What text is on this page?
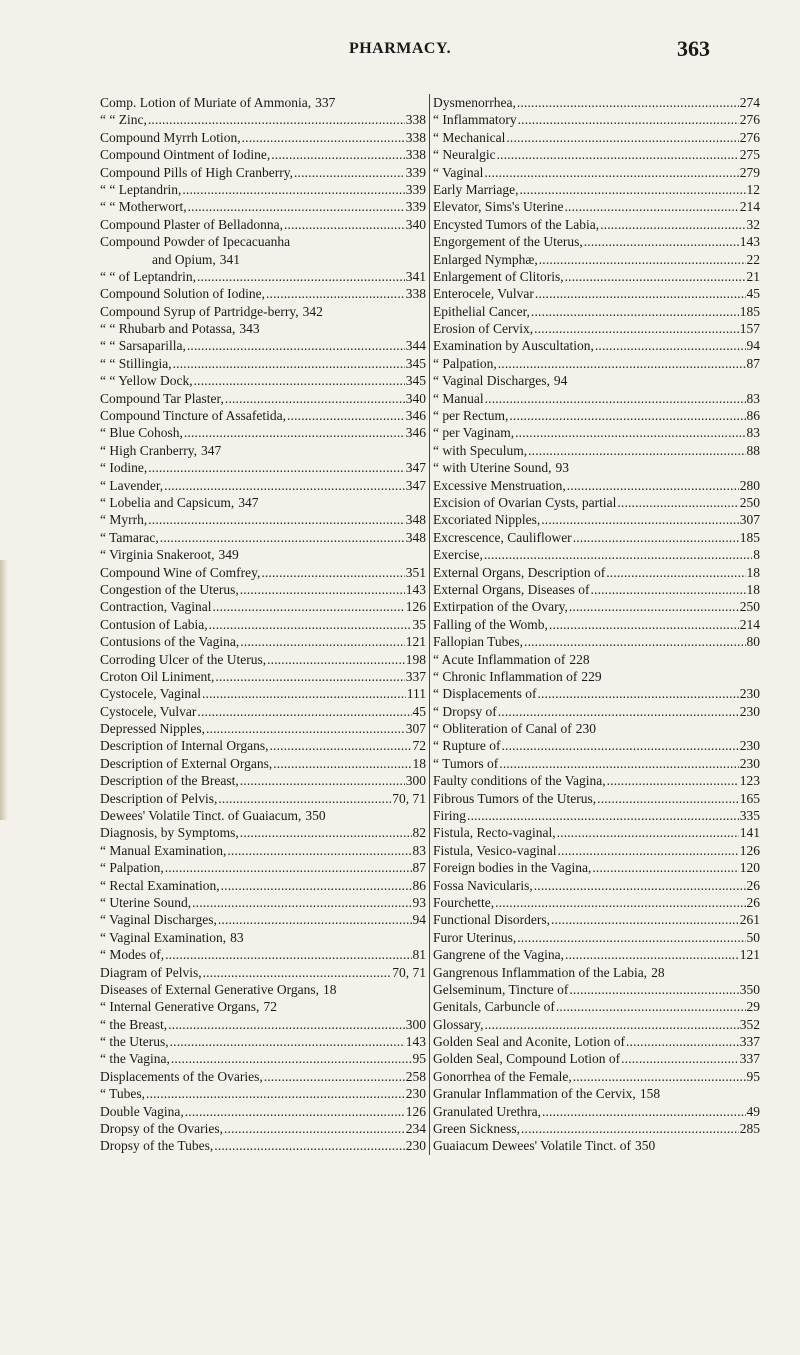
PHARMACY.	363
Comp. Lotion of Muriate of Ammonia, 337
“ “ Zinc, . . .	338
Compound Myrrh Lotion, . . .	338
Compound Ointment of Iodine, . . .	338
Compound Pills of High Cranberry, . . .	339
“ “ Leptandrin, . . .	339
“ “ Motherwort, . . .	339
Compound Plaster of Belladonna, . . .	340
Compound Powder of Ipecacuanha
and Opium, 341
“ “ of Leptandrin, . . .	341
Compound Solution of Iodine, . . .	338
Compound Syrup of Partridge-berry, 342
“ “ Rhubarb and Potassa, 343
“ “ Sarsaparilla, . . .	344
“ “ Stillingia, . . .	345
“ “ Yellow Dock, . . .	345
Compound Tar Plaster, . . .	340
Compound Tincture of Assafetida, . . .	346
“ Blue Cohosh, . . .	346
“ High Cranberry, 347
“ Iodine, . . .	347
“ Lavender, . . .	347
“ Lobelia and Capsicum, 347
“ Myrrh, . . .	348
“ Tamarac, . . .	348
“ Virginia Snakeroot, 349
Compound Wine of Comfrey, . . .	351
Congestion of the Uterus, . . .	143
Contraction, Vaginal . . .	126
Contusion of Labia, . . .	35
Contusions of the Vagina, . . .	121
Corroding Ulcer of the Uterus, . . .	198
Croton Oil Liniment, . . .	337
Cystocele, Vaginal . . .	111
Cystocele, Vulvar . . .	45
Depressed Nipples, . . .	307
Description of Internal Organs, . . .	72
Description of External Organs, . . .	18
Description of the Breast, . . .	300
Description of Pelvis, . . .	70, 71
Dewees' Volatile Tinct. of Guaiacum, 350
Diagnosis, by Symptoms, . . .	82
“ Manual Examination, . . .	83
“ Palpation, . . .	87
“ Rectal Examination, . . .	86
“ Uterine Sound, . . .	93
“ Vaginal Discharges, . . .	94
“ Vaginal Examination, 83
“ Modes of, . . .	81
Diagram of Pelvis, . . .	70, 71
Diseases of External Generative Organs, 18
“ Internal Generative Organs, 72
“ the Breast, . . .	300
“ the Uterus, . . .	143
“ the Vagina, . . .	95
Displacements of the Ovaries, . . .	258
“ Tubes, . . .	230
Double Vagina, . . .	126
Dropsy of the Ovaries, . . .	234
Dropsy of the Tubes, . . .	230
Dysmenorrhea, . . .	274
“ Inflammatory . . .	276
“ Mechanical . . .	276
“ Neuralgic . . .	275
“ Vaginal . . .	279
Early Marriage, . . .	12
Elevator, Sims's Uterine . . .	214
Encysted Tumors of the Labia, . . .	32
Engorgement of the Uterus, . . .	143
Enlarged Nymphæ, . . .	22
Enlargement of Clitoris, . . .	21
Enterocele, Vulvar . . .	45
Epithelial Cancer, . . .	185
Erosion of Cervix, . . .	157
Examination by Auscultation, . . .	94
“ Palpation, . . .	87
“ Vaginal Discharges, 94
“ Manual . . .	83
“ per Rectum, . . .	86
“ per Vaginam, . . .	83
“ with Speculum, . . .	88
“ with Uterine Sound, 93
Excessive Menstruation, . . .	280
Excision of Ovarian Cysts, partial . . .	250
Excoriated Nipples, . . .	307
Excrescence, Cauliflower . . .	185
Exercise, . . .	8
External Organs, Description of . . .	18
External Organs, Diseases of . . .	18
Extirpation of the Ovary, . . .	250
Falling of the Womb, . . .	214
Fallopian Tubes, . . .	80
“ Acute Inflammation of 228
“ Chronic Inflammation of 229
“ Displacements of . . .	230
“ Dropsy of . . .	230
“ Obliteration of Canal of 230
“ Rupture of . . .	230
“ Tumors of . . .	230
Faulty conditions of the Vagina, . . .	123
Fibrous Tumors of the Uterus, . . .	165
Firing . . .	335
Fistula, Recto-vaginal, . . .	141
Fistula, Vesico-vaginal . . .	126
Foreign bodies in the Vagina, . . .	120
Fossa Navicularis, . . .	26
Fourchette, . . .	26
Functional Disorders, . . .	261
Furor Uterinus, . . .	50
Gangrene of the Vagina, . . .	121
Gangrenous Inflammation of the Labia, 28
Gelseminum, Tincture of . . .	350
Genitals, Carbuncle of . . .	29
Glossary, . . .	352
Golden Seal and Aconite, Lotion of . . .	337
Golden Seal, Compound Lotion of . . .	337
Gonorrhea of the Female, . . .	95
Granular Inflammation of the Cervix, 158
Granulated Urethra, . . .	49
Green Sickness, . . .	285
Guaiacum Dewees' Volatile Tinct. of 350
